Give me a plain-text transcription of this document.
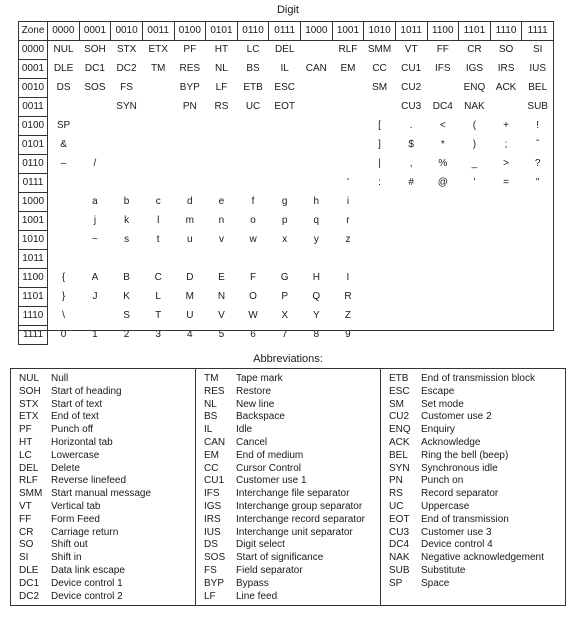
Digit
Zone	0000	0001	0010	0011	0100	0101	0110	0111	1000	1001	1010	1011	1100	1101	1110	1111
0000	NUL	SOH	STX	ETX	PF	HT	LC	DEL		RLF	SMM	VT	FF	CR	SO	SI
0001	DLE	DC1	DC2	TM	RES	NL	BS	IL	CAN	EM	CC	CU1	IFS	IGS	IRS	IUS
0010	DS	SOS	FS		BYP	LF	ETB	ESC			SM	CU2		ENQ	ACK	BEL
0011			SYN		PN	RS	UC	EOT				CU3	DC4	NAK		SUB
0100	SP										[	.	<	(	+	!
0101	&										]	$	*	)	;	ˆ
0110	–	/									|	,	%	_	>	?
0111										'	:	#	@	'	=	"
1000		a	b	c	d	e	f	g	h	i						
1001		j	k	l	m	n	o	p	q	r						
1010		~	s	t	u	v	w	x	y	z						
1011																
1100	{	A	B	C	D	E	F	G	H	I						
1101	}	J	K	L	M	N	O	P	Q	R						
1110	\		S	T	U	V	W	X	Y	Z						
1111	0	1	2	3	4	5	6	7	8	9						
Abbreviations:
NUL	Null
SOH	Start of heading
STX	Start of text
ETX	End of text
PF	Punch off
HT	Horizontal tab
LC	Lowercase
DEL	Delete
RLF	Reverse linefeed
SMM Start manual message
VT	Vertical tab
FF	Form Feed
CR	Carriage return
SO	Shift out
SI	Shift in
DLE	Data link escape
DC1	Device control 1
DC2	Device control 2
TM	Tape mark
RES	Restore
NL	New line
BS	Backspace
IL	Idle
CAN	Cancel
EM	End of medium
CC	Cursor Control
CU1	Customer use 1
IFS	Interchange file separator
IGS	Interchange group separator
IRS	Interchange record separator
IUS	Interchange unit separator
DS	Digit select
SOS	Start of significance
FS	Field separator
BYP	Bypass
LF	Line feed
ETB	End of transmission block
ESC	Escape
SM	Set mode
CU2	Customer use 2
ENQ	Enquiry
ACK	Acknowledge
BEL	Ring the bell (beep)
SYN	Synchronous idle
PN	Punch on
RS	Record separator
UC	Uppercase
EOT	End of transmission
CU3	Customer use 3
DC4	Device control 4
NAK	Negative acknowledgement
SUB	Substitute
SP	Space
